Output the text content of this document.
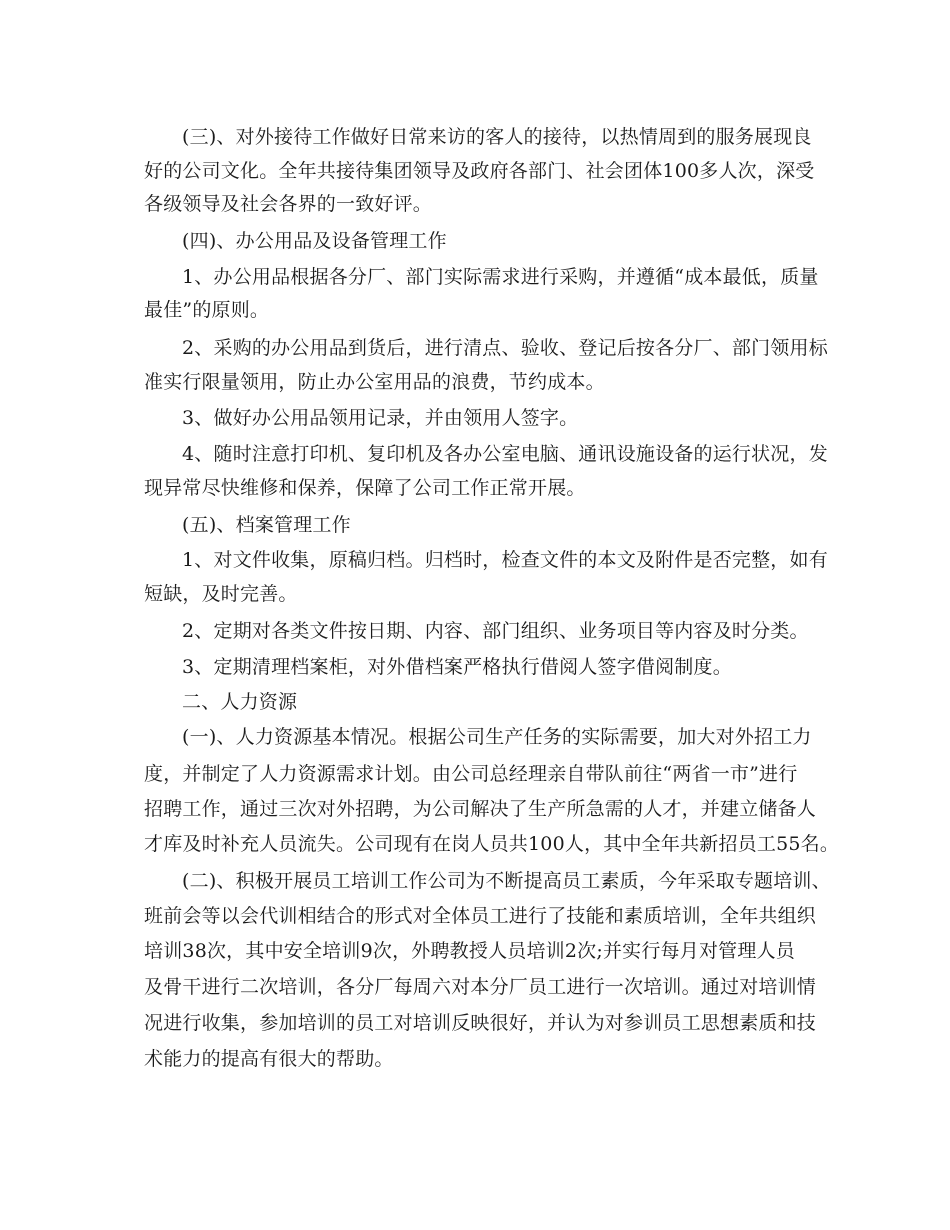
(三)、对外接待工作做好日常来访的客人的接待，以热情周到的服务展现良
好的公司文化。全年共接待集团领导及政府各部门、社会团体100多人次，深受
各级领导及社会各界的一致好评。
(四)、办公用品及设备管理工作
1、办公用品根据各分厂、部门实际需求进行采购，并遵循“成本最低，质量
最佳”的原则。
2、采购的办公用品到货后，进行清点、验收、登记后按各分厂、部门领用标
准实行限量领用，防止办公室用品的浪费，节约成本。
3、做好办公用品领用记录，并由领用人签字。
4、随时注意打印机、复印机及各办公室电脑、通讯设施设备的运行状况，发
现异常尽快维修和保养，保障了公司工作正常开展。
(五)、档案管理工作
1、对文件收集，原稿归档。归档时，检查文件的本文及附件是否完整，如有
短缺，及时完善。
2、定期对各类文件按日期、内容、部门组织、业务项目等内容及时分类。
3、定期清理档案柜，对外借档案严格执行借阅人签字借阅制度。
二、人力资源
(一)、人力资源基本情况。根据公司生产任务的实际需要，加大对外招工力
度，并制定了人力资源需求计划。由公司总经理亲自带队前往“两省一市”进行
招聘工作，通过三次对外招聘，为公司解决了生产所急需的人才，并建立储备人
才库及时补充人员流失。公司现有在岗人员共100人，其中全年共新招员工55名。
(二)、积极开展员工培训工作公司为不断提高员工素质，今年采取专题培训、
班前会等以会代训相结合的形式对全体员工进行了技能和素质培训，全年共组织
培训38次，其中安全培训9次，外聘教授人员培训2次;并实行每月对管理人员
及骨干进行二次培训，各分厂每周六对本分厂员工进行一次培训。通过对培训情
况进行收集，参加培训的员工对培训反映很好，并认为对参训员工思想素质和技
术能力的提高有很大的帮助。
